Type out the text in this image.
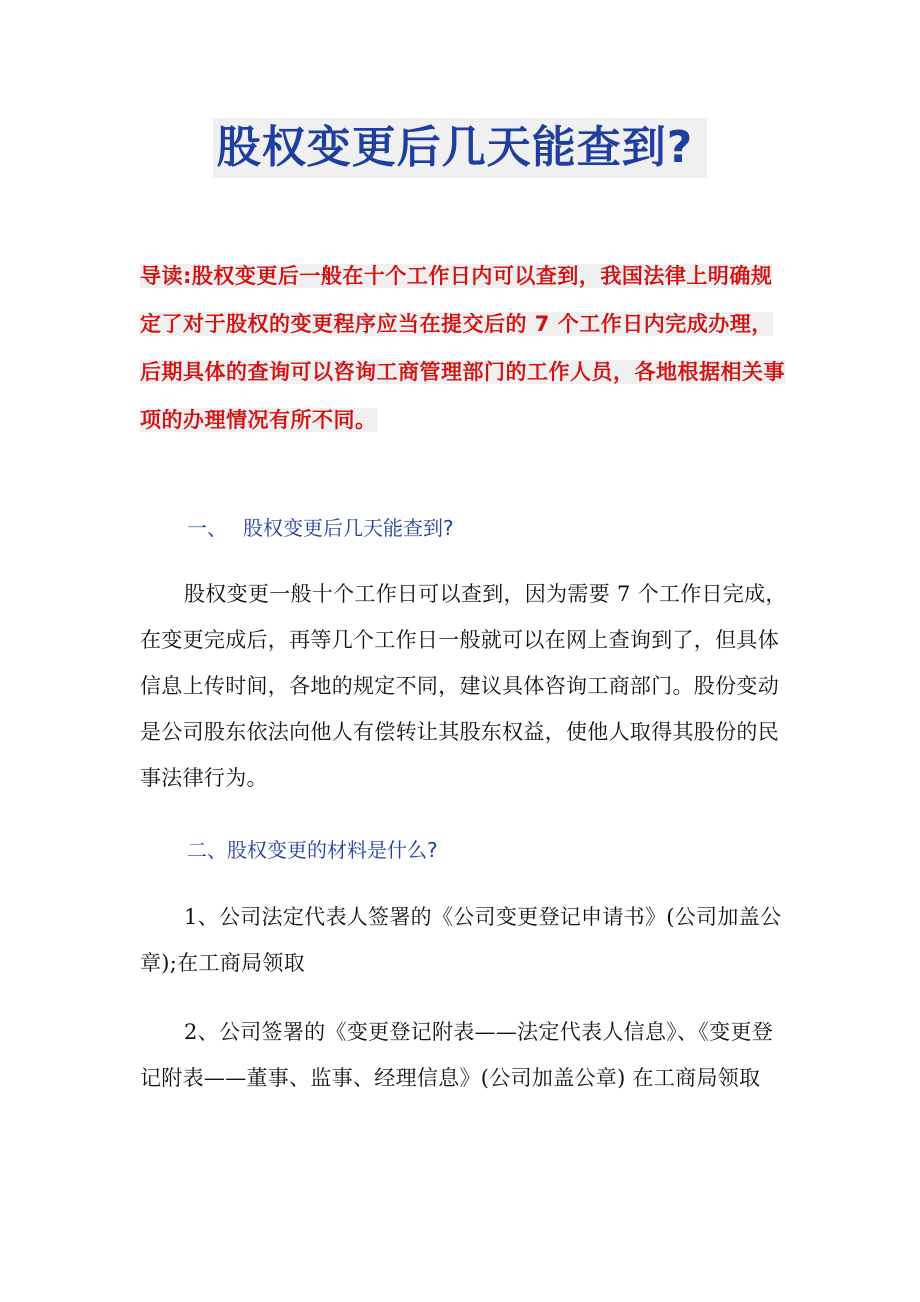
股权变更后几天能查到?
导读:股权变更后一般在十个工作日内可以查到，我国法律上明确规定了对于股权的变更程序应当在提交后的 7 个工作日内完成办理，后期具体的查询可以咨询工商管理部门的工作人员，各地根据相关事项的办理情况有所不同。
一、 股权变更后几天能查到?
股权变更一般十个工作日可以查到，因为需要 7 个工作日完成，在变更完成后，再等几个工作日一般就可以在网上查询到了，但具体信息上传时间，各地的规定不同，建议具体咨询工商部门。股份变动是公司股东依法向他人有偿转让其股东权益，使他人取得其股份的民事法律行为。
二、股权变更的材料是什么?
1、公司法定代表人签署的《公司变更登记申请书》(公司加盖公章);在工商局领取
2、公司签署的《变更登记附表——法定代表人信息》、《变更登记附表——董事、监事、经理信息》(公司加盖公章) 在工商局领取
